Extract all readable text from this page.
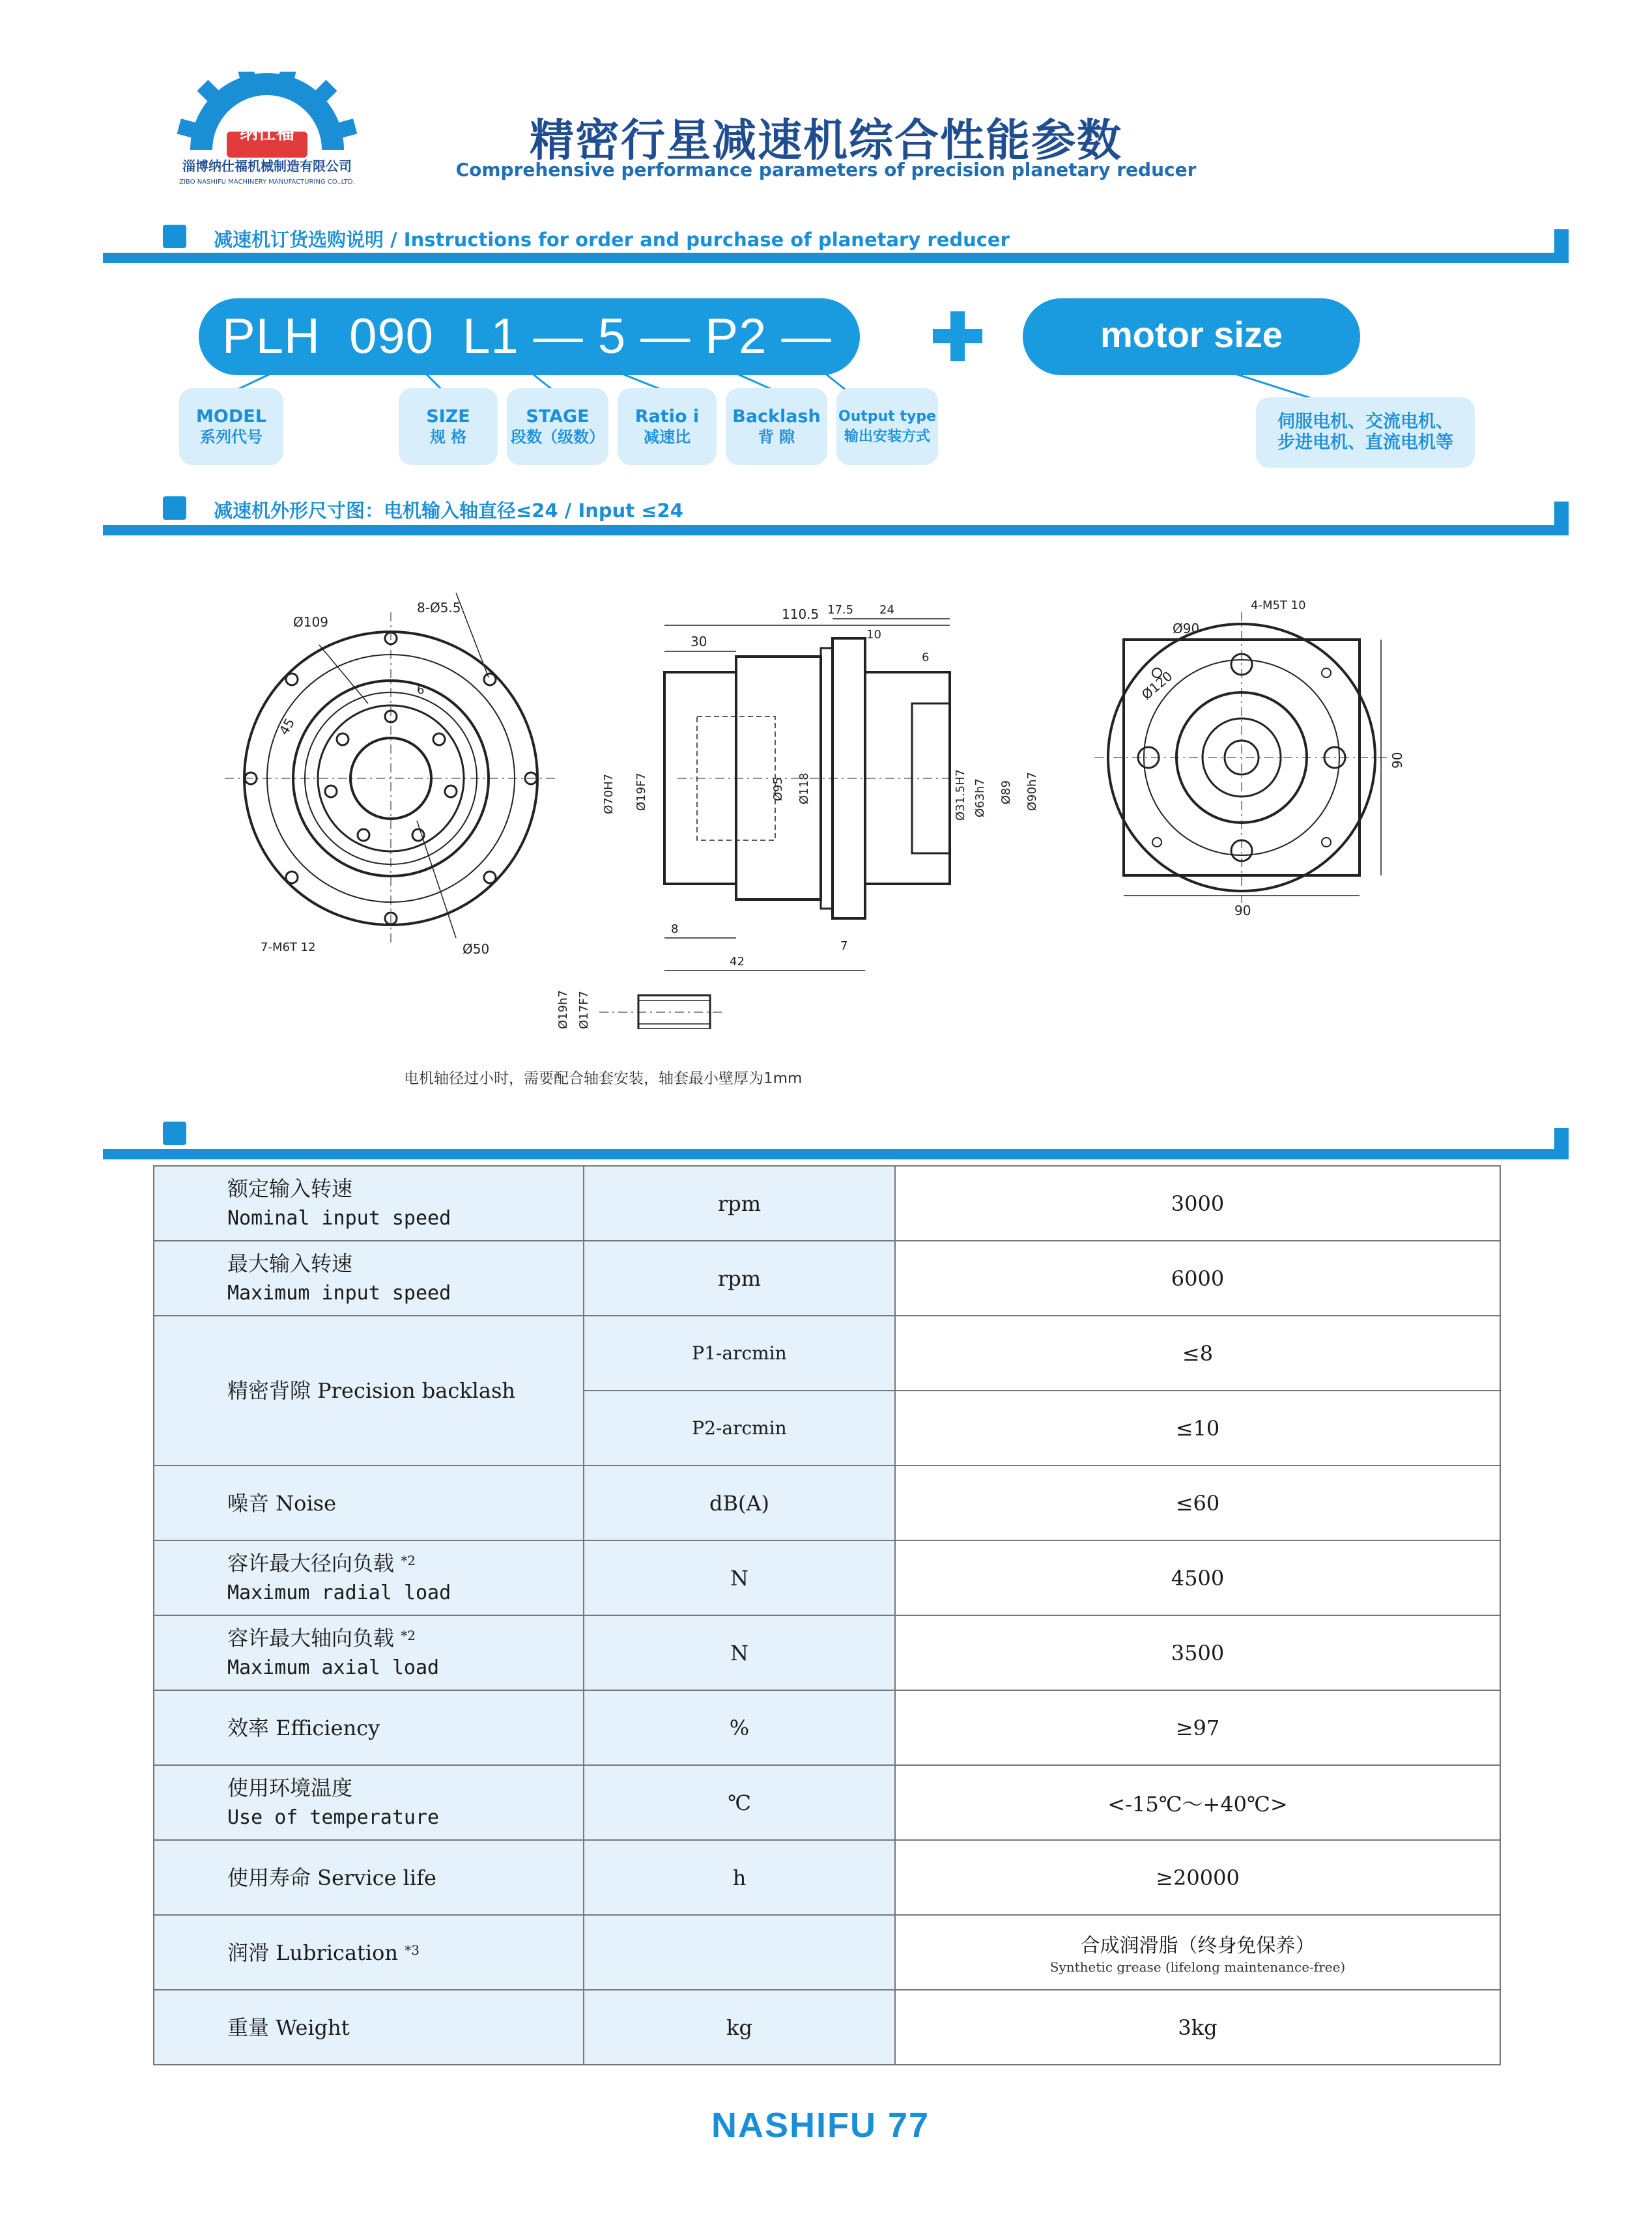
纳仕福
淄博纳仕福机械制造有限公司
ZIBO NASHIFU MACHINERY MANUFACTURING CO.,LTD.
精密行星减速机综合性能参数
Comprehensive performance parameters of precision planetary reducer
减速机订货选购说明 / Instructions for order and purchase of planetary reducer
PLH  090  L1 — 5 — P2 —  S2	motor size
MODEL
系列代号
SIZE
规 格
STAGE
段数（级数）
Ratio i
减速比
Backlash
背 隙
Output type
输出安装方式
伺服电机、交流电机、
步进电机、直流电机等
减速机外形尺寸图：电机输入轴直径≤24 / Input ≤24
Ø109
8-Ø5.5
45
6
7-M6T 12	Ø50
110.5
30
17.5 24
10
6
8
42
7
Ø70H7 Ø19F7	Ø95 Ø118	Ø31.5H7 Ø63h7 Ø89 Ø90h7
4-M5T 10
Ø90
Ø120
90
90
Ø19h7 Ø17F7
电机轴径过小时，需要配合轴套安装，轴套最小壁厚为1mm
额定输入转速
Nominal input speed	rpm	3000
最大输入转速
Maximum input speed	rpm	6000
精密背隙 Precision backlash	P1-arcmin	≤8
	P2-arcmin	≤10
噪音 Noise	dB(A)	≤60
容许最大径向负载 $^{*2}$
Maximum radial load	N	4500
容许最大轴向负载 $^{*2}$
Maximum axial load	N	3500
效率 Efficiency	%	≥97
使用环境温度
Use of temperature	℃	<-15℃～+40℃>
使用寿命 Service life	h	≥20000
润滑 Lubrication $^{*3}$		合成润滑脂（终身免保养）
Synthetic grease (lifelong maintenance-free)

重量 Weight	kg	3kg
NASHIFU 77
